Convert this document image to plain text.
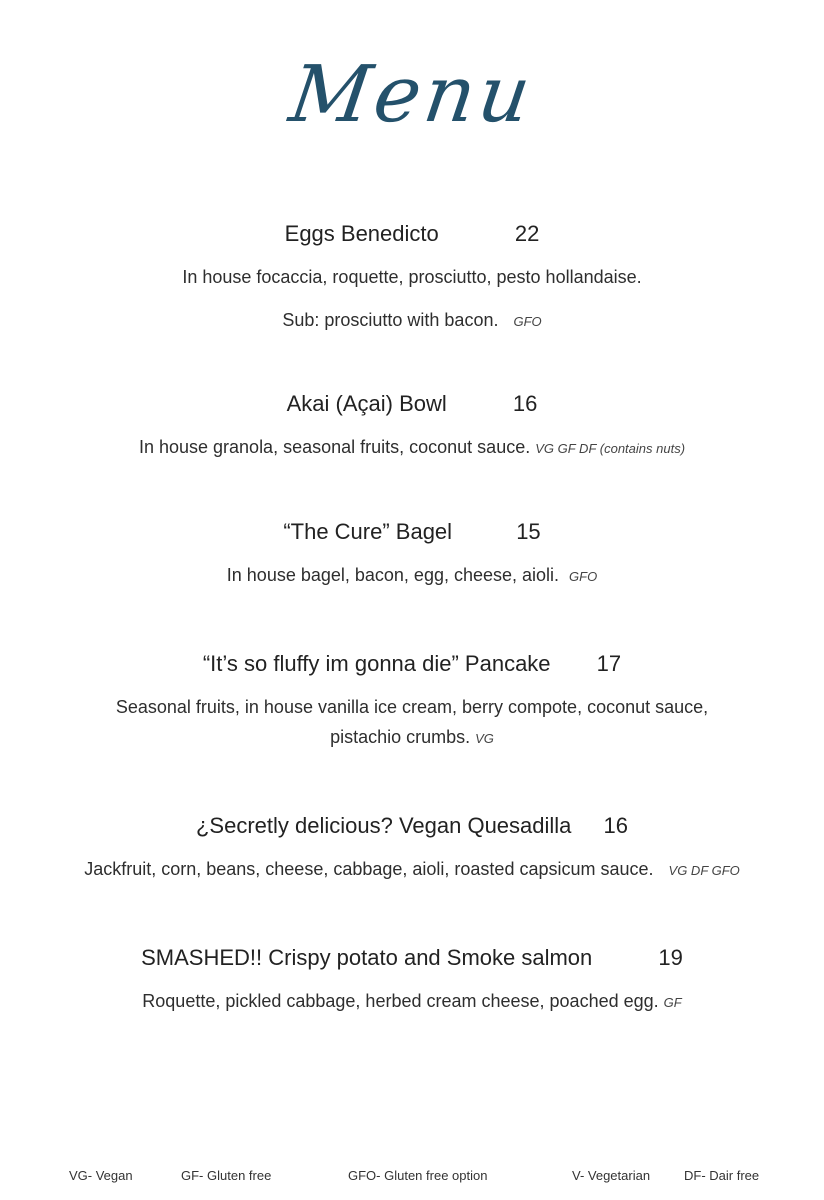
Menu
Eggs Benedicto	22
In house focaccia, roquette, prosciutto, pesto hollandaise.
Sub: prosciutto with bacon. GFO
Akai (Açai) Bowl	16
In house granola, seasonal fruits, coconut sauce. VG GF DF (contains nuts)
“The Cure” Bagel	15
In house bagel, bacon, egg, cheese, aioli. GFO
“It’s so fluffy im gonna die” Pancake 17
Seasonal fruits, in house vanilla ice cream, berry compote, coconut sauce,
pistachio crumbs. VG
¿Secretly delicious? Vegan Quesadilla 16
Jackfruit, corn, beans, cheese, cabbage, aioli, roasted capsicum sauce. VG DF GFO
SMASHED!! Crispy potato and Smoke salmon	19
Roquette, pickled cabbage, herbed cream cheese, poached egg. GF
VG- Vegan	GF- Gluten free	GFO- Gluten free option	V- Vegetarian	DF- Dair free
